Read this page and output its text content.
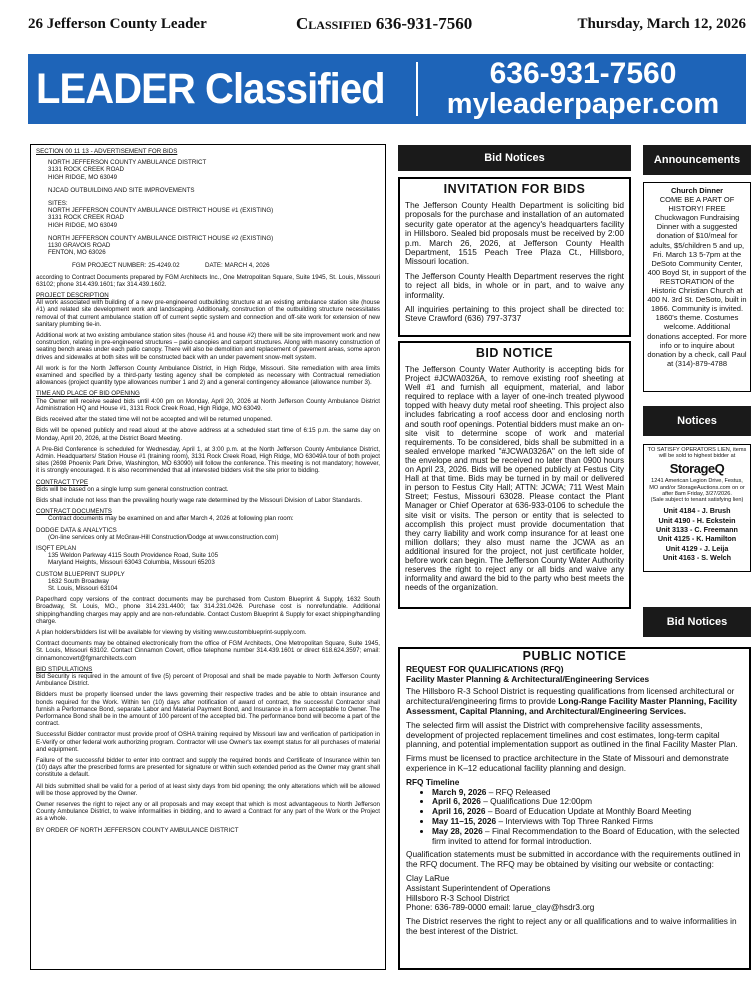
26 Jefferson County Leader	Classified 636-931-7560	Thursday, March 12, 2026
LEADER Classified	636-931-7560
myleaderpaper.com

SECTION 00 11 13 - ADVERTISEMENT FOR BIDS

NORTH JEFFERSON COUNTY AMBULANCE DISTRICT
3131 ROCK CREEK ROAD
HIGH RIDGE, MO 63049
NJCAD OUTBUILDING AND SITE IMPROVEMENTS
SITES:
NORTH JEFFERSON COUNTY AMBULANCE DISTRICT HOUSE #1 (EXISTING)
3131 ROCK CREEK ROAD
HIGH RIDGE, MO 63049
NORTH JEFFERSON COUNTY AMBULANCE DISTRICT HOUSE #2 (EXISTING)
1130 GRAVOIS ROAD
FENTON, MO 63026
FGM PROJECT NUMBER: 25-4249.02	DATE: MARCH 4, 2026

according to Contract Documents prepared by FGM Architects Inc., One Metropolitan Square, Suite 1945, St. Louis, Missouri 63102; phone 314.439.1601; fax 314.439.1602.

PROJECT DESCRIPTION

All work associated with building of a new pre-engineered outbuilding structure at an existing ambulance station site (house #1) and related site development work and landscaping. Additionally, construction of the outbuilding structure necessitates removal of that current ambulance station off of current septic system and connection and off-site work for extension of new sanitary plumbing tie-in.

Additional work at two existing ambulance station sites (house #1 and house #2) there will be site improvement work and new construction, relating in pre-engineered structures – patio canopies and carport structures. Along with masonry construction of seating bench areas under each patio canopy. There will also be demolition and replacement of pavement areas, some apron drives and sidewalks at both sites will be constructed back with an under pavement snow-melt system.

All work is for the North Jefferson County Ambulance District, in High Ridge, Missouri. Site remediation with area limits examined and specified by a third-party testing agency shall be completed as necessary with Contractual remediation allowances (project quantity type allowances number 1 and 2) and a general contingency allowance (allowance number 3).

TIME AND PLACE OF BID OPENING

The Owner will receive sealed bids until 4:00 pm on Monday, April 20, 2026 at North Jefferson County Ambulance District Administration HQ and House #1, 3131 Rock Creek Road, High Ridge, MO 63049.

Bids received after the stated time will not be accepted and will be returned unopened.

Bids will be opened publicly and read aloud at the above address at a scheduled start time of 6:15 p.m. the same day on Monday, April 20, 2026, at the District Board Meeting.

A Pre-Bid Conference is scheduled for Wednesday, April 1, at 3:00 p.m. at the North Jefferson County Ambulance District, Admin. Headquarters/ Station House #1 (training room), 3131 Rock Creek Road, High Ridge, MO 63049A tour of both project sites (2698 Phoenix Park Drive, Washington, MO 63090) will follow the conference. This meeting is not mandatory; however, it is strongly encouraged. It is also recommended that all interested bidders visit the site prior to bidding.

CONTRACT TYPE

Bids will be based on a single lump sum general construction contract.

Bids shall include not less than the prevailing hourly wage rate determined by the Missouri Division of Labor Standards.

CONTRACT DOCUMENTS

Contract documents may be examined on and after March 4, 2026 at following plan room:

DODGE DATA & ANALYTICS
(On-line services only at McGraw-Hill Construction/Dodge at www.construction.com)
ISQFT EPLAN
135 Weldon Parkway 4115 South Providence Road, Suite 105
Maryland Heights, Missouri 63043 Columbia, Missouri 65203
CUSTOM BLUEPRINT SUPPLY
1632 South Broadway
St. Louis, Missouri 63104

Paper/hard copy versions of the contract documents may be purchased from Custom Blueprint & Supply, 1632 South Broadway, St. Louis, MO., phone 314.231.4400; fax 314.231.0426. Purchase cost is nonrefundable. Additional shipping/handling charges may apply and are non-refundable. Contact Custom Blueprint & Supply for exact shipping/handling charge.

A plan holders/bidders list will be available for viewing by visiting www.customblueprint-supply.com.

Contract documents may be obtained electronically from the office of FGM Architects, One Metropolitan Square, Suite 1945, St. Louis, Missouri 63102. Contact Cinnamon Covert, office telephone number 314.439.1601 or direct 618.624.3597; email: cinnamoncovert@fgmarchitects.com

BID STIPULATIONS

Bid Security is required in the amount of five (5) percent of Proposal and shall be made payable to North Jefferson County Ambulance District.

Bidders must be properly licensed under the laws governing their respective trades and be able to obtain insurance and bonds required for the Work. Within ten (10) days after notification of award of contract, the successful Contractor shall furnish a Performance Bond, separate Labor and Material Payment Bond, and Insurance in a form acceptable to Owner. The Performance Bond shall be in the amount of 100 percent of the accepted bid. The performance bond will become a part of the contract.

Successful Bidder contractor must provide proof of OSHA training required by Missouri law and verification of participation in E-Verify or other federal work authorizing program. Contractor will use Owner's tax exempt status for all purchases of material and equipment.

Failure of the successful bidder to enter into contract and supply the required bonds and Certificate of Insurance within ten (10) days after the prescribed forms are presented for signature or within such extended period as the Owner may grant shall constitute a default.

All bids submitted shall be valid for a period of at least sixty days from bid opening; the only alterations which will be allowed will be those approved by the Owner.

Owner reserves the right to reject any or all proposals and may except that which is most advantageous to North Jefferson County Ambulance District, to waive informalities in bidding, and to award a Contract for any part of the Work or the Project as a whole.

BY ORDER OF NORTH JEFFERSON COUNTY AMBULANCE DISTRICT

Bid Notices
INVITATION FOR BIDS

The Jefferson County Health Department is soliciting bid proposals for the purchase and installation of an automated security gate operator at the agency's headquarters facility in Hillsboro. Sealed bid proposals must be received by 2:00 p.m. March 26, 2026, at Jefferson County Health Department, 1515 Peach Tree Plaza Ct., Hillsboro, Missouri location.

The Jefferson County Health Department reserves the right to reject all bids, in whole or in part, and to waive any informality.

All inquiries pertaining to this project shall be directed to: Steve Crawford (636) 797-3737

BID NOTICE

The Jefferson County Water Authority is accepting bids for Project #JCWA0326A, to remove existing roof sheeting at Well #1 and furnish all equipment, material, and labor required to replace with a layer of one-inch treated plywood topped with heavy duty metal roof sheeting. This project also includes fabricating a roof access door and enclosing north and south roof openings. Potential bidders must make an on-site visit to determine scope of work and material requirements. To be considered, bids shall be submitted in a sealed envelope marked "#JCWA0326A" on the left side of the envelope and must be received no later than 0900 hours on April 23, 2026. Bids will be opened publicly at Festus City Hall at that time. Bids may be turned in by mail or delivered in person to Festus City Hall; ATTN: JCWA; 711 West Main Street; Festus, Missouri 63028. Please contact the Plant Manager or Chief Operator at 636-933-0106 to schedule the site visit or visits. The person or entity that is selected to accomplish this project must provide documentation that they carry liability and work comp insurance for at least one million dollars; they also must name the JCWA as an additional insured for the project, not just certificate holder, before work can begin. The Jefferson County Water Authority reserves the right to reject any or all bids and waive any informality and award the bid to the party who best meets the needs of the organization.

Announcements
Church Dinner
COME BE A PART OF HISTORY! FREE Chuckwagon Fundraising Dinner with a suggested donation of $10/meal for adults, $5/children 5 and up, Fri. March 13 5-7pm at the DeSoto Community Center, 400 Boyd St, in support of the RESTORATION of the Historic Christian Church at 400 N. 3rd St. DeSoto, built in 1866. Community is invited. 1860's theme. Costumes welcome. Additional donations accepted. For more info or to inquire about donation by a check, call Paul at (314)-879-4788
Notices
TO SATISFY OPERATORS LIEN, items will be sold to highest bidder at
StorageQ
1241 American Legion Drive, Festus, MO and/or StorageAuctions.com on or after 8am Friday, 3/27/2026.
(Sale subject to tenant satisfying lien)
Unit 4184 - J. Brush
Unit 4190 - H. Eckstein
Unit 3133 - C. Freemann
Unit 4125 - K. Hamilton
Unit 4129 - J. Leija
Unit 4163 - S. Welch
Bid Notices
PUBLIC NOTICE
REQUEST FOR QUALIFICATIONS (RFQ)
Facility Master Planning & Architectural/Engineering Services

The Hillsboro R-3 School District is requesting qualifications from licensed architectural or architectural/engineering firms to provide Long-Range Facility Master Planning, Facility Assessment, Capital Planning, and Architectural/Engineering Services.

The selected firm will assist the District with comprehensive facility assessments, development of projected replacement timelines and cost estimates, long-term capital planning, and potential implementation support as outlined in the final Facility Master Plan.

Firms must be licensed to practice architecture in the State of Missouri and demonstrate experience in K–12 educational facility planning and design.

RFQ Timeline
• March 9, 2026 – RFQ Released
• April 6, 2026 – Qualifications Due 12:00pm
• April 16, 2026 – Board of Education Update at Monthly Board Meeting
• May 11–15, 2026 – Interviews with Top Three Ranked Firms
• May 28, 2026 – Final Recommendation to the Board of Education, with the selected firm invited to attend for formal introduction.

Qualification statements must be submitted in accordance with the requirements outlined in the RFQ document. The RFQ may be obtained by visiting our website or contacting:

Clay LaRue
Assistant Superintendent of Operations
Hillsboro R-3 School District
Phone: 636-789-0000 email: larue_clay@hsdr3.org

The District reserves the right to reject any or all qualifications and to waive informalities in the best interest of the District.
